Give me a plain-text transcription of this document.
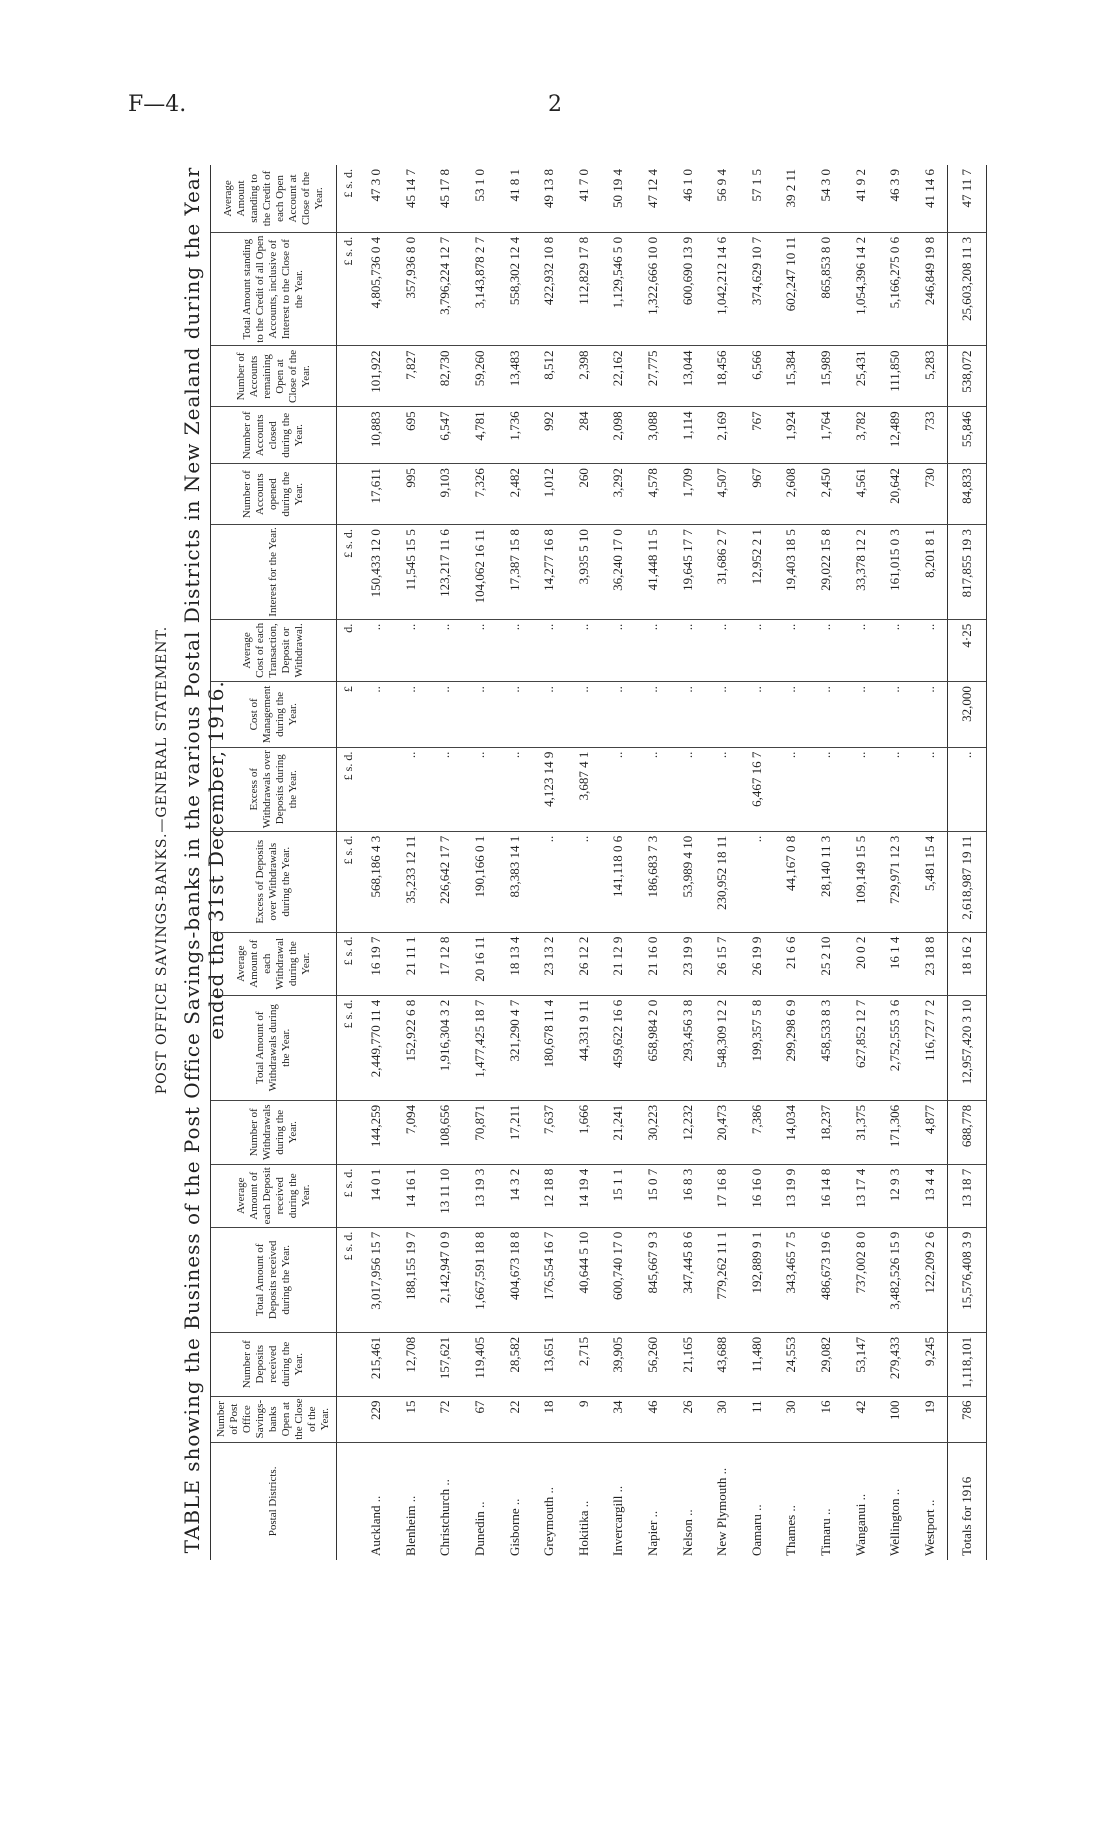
F—4.	2
POST OFFICE SAVINGS-BANKS.—GENERAL STATEMENT. TABLE showing the Business of the Post Office Savings-banks in the various Postal Districts in New Zealand during the Year ended the 31st December, 1916.
Postal Districts.	Number of Post Office Savings-banks Open at the Close of the Year.	Number of Deposits received during the Year.	Total Amount of Deposits received during the Year.	Average Amount of each Deposit received during the Year.	Number of Withdrawals during the Year.	Total Amount of Withdrawals during the Year.	Average Amount of each Withdrawal during the Year.	Excess of Deposits over Withdrawals during the Year.	Excess of Withdrawals over Deposits during the Year.	Cost of Management during the Year.	Average Cost of each Transaction, Deposit or Withdrawal.	Interest for the Year.	Number of Accounts opened during the Year.	Number of Accounts closed during the Year.	Number of Accounts remaining Open at Close of the Year.	Total Amount standing to the Credit of all Open Accounts, inclusive of Interest to the Close of the Year.	Average Amount standing to the Credit of each Open Account at Close of the Year.
			£ s. d.	£ s. d.		£ s. d.	£ s. d.	£ s. d.	£ s. d.	£	d.	£ s. d.				£ s. d.	£ s. d.
Auckland ..	229	215,461	3,017,956 15 7	14 0 1	144,259	2,449,770 11 4	16 19 7	568,186 4 3		..	..	150,433 12 0	17,611	10,883	101,922	4,805,736 0 4	47 3 0
Blenheim ..	15	12,708	188,155 19 7	14 16 1	7,094	152,922 6 8	21 11 1	35,233 12 11	..	..	..	11,545 15 5	995	695	7,827	357,936 8 0	45 14 7
Christchurch ..	72	157,621	2,142,947 0 9	13 11 10	108,656	1,916,304 3 2	17 12 8	226,642 17 7	..	..	..	123,217 11 6	9,103	6,547	82,730	3,796,224 12 7	45 17 8
Dunedin ..	67	119,405	1,667,591 18 8	13 19 3	70,871	1,477,425 18 7	20 16 11	190,166 0 1	..	..	..	104,062 16 11	7,326	4,781	59,260	3,143,878 2 7	53 1 0
Gisborne ..	22	28,582	404,673 18 8	14 3 2	17,211	321,290 4 7	18 13 4	83,383 14 1	..	..	..	17,387 15 8	2,482	1,736	13,483	558,302 12 4	41 8 1
Greymouth ..	18	13,651	176,554 16 7	12 18 8	7,637	180,678 11 4	23 13 2	..	4,123 14 9	..	..	14,277 16 8	1,012	992	8,512	422,932 10 8	49 13 8
Hokitika ..	9	2,715	40,644 5 10	14 19 4	1,666	44,331 9 11	26 12 2	..	3,687 4 1	..	..	3,935 5 10	260	284	2,398	112,829 17 8	41 7 0
Invercargill ..	34	39,905	600,740 17 0	15 1 1	21,241	459,622 16 6	21 12 9	141,118 0 6	..	..	..	36,240 17 0	3,292	2,098	22,162	1,129,546 5 0	50 19 4
Napier ..	46	56,260	845,667 9 3	15 0 7	30,223	658,984 2 0	21 16 0	186,683 7 3	..	..	..	41,448 11 5	4,578	3,088	27,775	1,322,666 10 0	47 12 4
Nelson ..	26	21,165	347,445 8 6	16 8 3	12,232	293,456 3 8	23 19 9	53,989 4 10	..	..	..	19,645 17 7	1,709	1,114	13,044	600,690 13 9	46 1 0
New Plymouth ..	30	43,688	779,262 11 1	17 16 8	20,473	548,309 12 2	26 15 7	230,952 18 11	..	..	..	31,686 2 7	4,507	2,169	18,456	1,042,212 14 6	56 9 4
Oamaru ..	11	11,480	192,889 9 1	16 16 0	7,386	199,357 5 8	26 19 9	..	6,467 16 7	..	..	12,952 2 1	967	767	6,566	374,629 10 7	57 1 5
Thames ..	30	24,553	343,465 7 5	13 19 9	14,034	299,298 6 9	21 6 6	44,167 0 8	..	..	..	19,403 18 5	2,608	1,924	15,384	602,247 10 11	39 2 11
Timaru ..	16	29,082	486,673 19 6	16 14 8	18,237	458,533 8 3	25 2 10	28,140 11 3	..	..	..	29,022 15 8	2,450	1,764	15,989	865,853 8 0	54 3 0
Wanganui ..	42	53,147	737,002 8 0	13 17 4	31,375	627,852 12 7	20 0 2	109,149 15 5	..	..	..	33,378 12 2	4,561	3,782	25,431	1,054,396 14 2	41 9 2
Wellington ..	100	279,433	3,482,526 15 9	12 9 3	171,306	2,752,555 3 6	16 1 4	729,971 12 3	..	..	..	161,015 0 3	20,642	12,489	111,850	5,166,275 0 6	46 3 9
Westport ..	19	9,245	122,209 2 6	13 4 4	4,877	116,727 7 2	23 18 8	5,481 15 4	..	..	..	8,201 8 1	730	733	5,283	246,849 19 8	41 14 6
Totals for 1916	786	1,118,101	15,576,408 3 9	13 18 7	688,778	12,957,420 3 10	18 16 2	2,618,987 19 11	..	32,000	4·25	817,855 19 3	84,833	55,846	538,072	25,603,208 11 3	47 11 7
